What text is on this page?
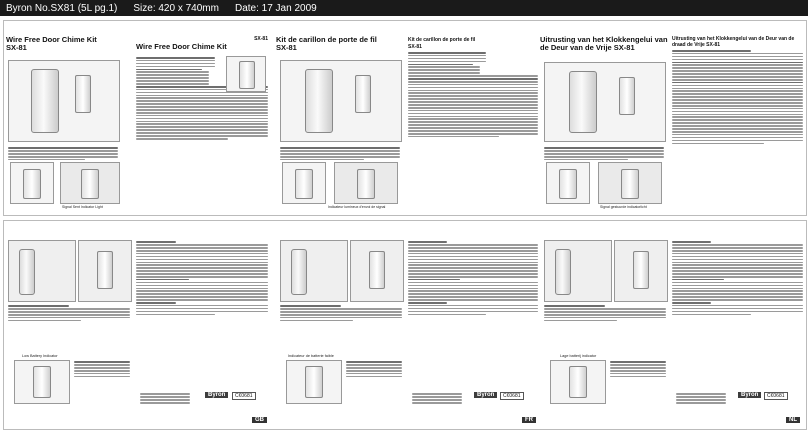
Byron No.SX81 (5L pg.1) Size: 420 x 740mm Date: 17 Jan 2009
Wire Free Door Chime Kit
SX-81
Signal Sent Indicator Light
Wire Free Door Chime Kit
SX-81 Kit de carillon de porte de fil
SX-81
Indicateur lumineux d'envoi de signal
Kit de carillon de porte de fil
SX-81
Uitrusting van het Klokkengelui van de Deur van de Vrije SX-81
Signal gestuurde indicatorlicht
Uitrusting van het Klokkengelui van de Deur van de draad de Vrije SX-81
Low Battery Indicator
Byron	C€0681
GB
Indicateur de batterie faible
Byron	C€0681
FR
Lage batterij indicator
Byron	C€0681
NL
